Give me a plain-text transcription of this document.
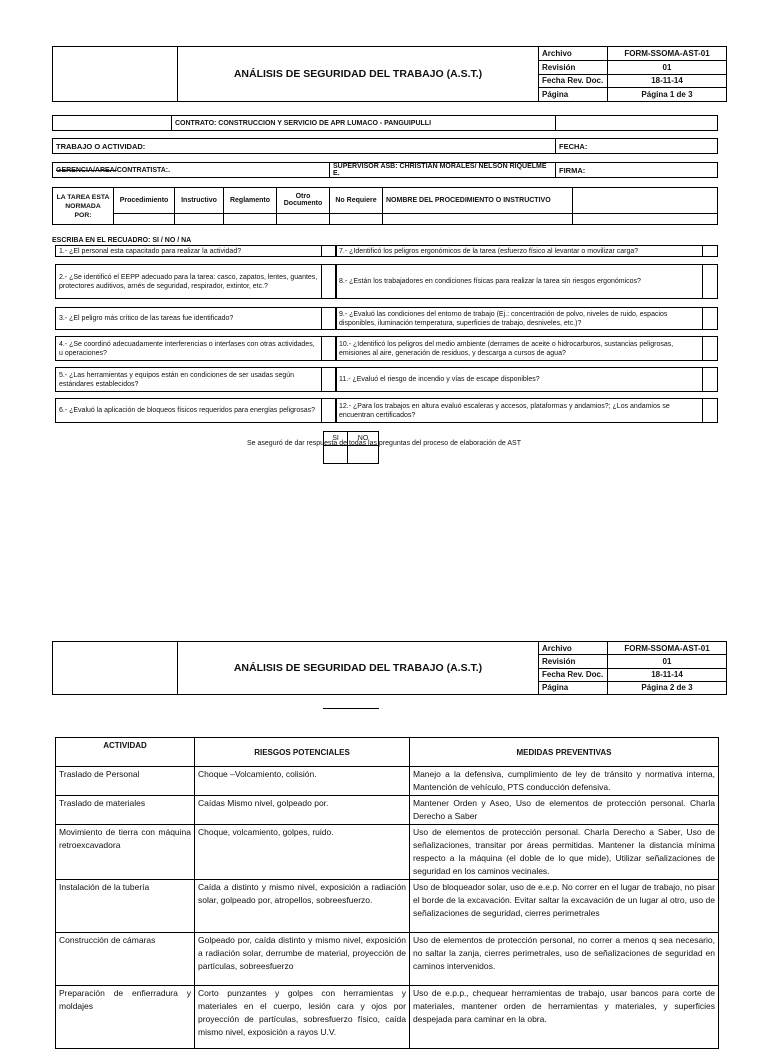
	ANÁLISIS DE SEGURIDAD DEL TRABAJO (A.S.T.)	Archivo	FORM-SSOMA-AST-01
		Revisión	01
		Fecha Rev. Doc.	18-11-14
		Página	Página 1 de 3
	CONTRATO: CONSTRUCCION Y SERVICIO DE APR LUMACO - PANGUIPULLI	
TRABAJO O ACTIVIDAD:	FECHA:
GERENCIA/AREA/CONTRATISTA:.	SUPERVISOR ASB: CHRISTIAN MORALES/ NELSON RIQUELME E.	FIRMA:
LA TAREA ESTA NORMADA POR:	Procedimiento	Instructivo	Reglamento	Otro Documento	No Requiere	NOMBRE DEL PROCEDIMIENTO O INSTRUCTIVO	

ESCRIBA EN EL RECUADRO: SI / NO / NA
1.- ¿El personal esta capacitado para realizar la actividad?	
2.- ¿Se identificó el EEPP adecuado para la tarea: casco, zapatos, lentes, guantes, protectores auditivos, arnés de seguridad, respirador, extintor, etc.?	
3.- ¿El peligro más crítico de las tareas fue identificado?	
4.- ¿Se coordinó adecuadamente interferencias o interfases con otras actividades, u operaciones?	
5.- ¿Las herramientas y equipos están en condiciones de ser usadas según estándares establecidos?	
6.- ¿Evaluó la aplicación de bloqueos físicos requeridos para energías peligrosas?	
7.- ¿Identificó los peligros ergonómicos de la tarea (esfuerzo físico al levantar o movilizar carga?	
8.- ¿Están los trabajadores en condiciones físicas para realizar la tarea sin riesgos ergonómicos?	
9.- ¿Evaluó las condiciones del entorno de trabajo (Ej.: concentración de polvo, niveles de ruido, espacios disponibles, iluminación temperatura, superficies de trabajo, desniveles, etc.)?	
10.- ¿Identificó los peligros del medio ambiente (derrames de aceite o hidrocarburos, sustancias peligrosas, emisiones al aire, generación de residuos, y descarga a cursos de agua?	
11.- ¿Evaluó el riesgo de incendio y vías de escape disponibles?	
12.- ¿Para los trabajos en altura evaluó escaleras y accesos, plataformas y andamios?; ¿Los andamios se encuentran certificados?	
Se aseguró de dar respuesta de todas las preguntas del proceso de elaboración de AST
SI	NO

	ANÁLISIS DE SEGURIDAD DEL TRABAJO (A.S.T.)	Archivo	FORM-SSOMA-AST-01
		Revisión	01
		Fecha Rev. Doc.	18-11-14
		Página	Página 2 de 3
ACTIVIDAD	RIESGOS POTENCIALES	MEDIDAS PREVENTIVAS
Traslado de Personal	Choque –Volcamiento, colisión.	Manejo a la defensiva, cumplimiento de ley de tránsito y normativa interna, Mantención de vehículo, PTS conducción defensiva.
Traslado de materiales	Caídas Mismo nivel, golpeado por.	Mantener Orden y Aseo, Uso de elementos de protección personal. Charla Derecho a Saber
Movimiento de tierra con máquina retroexcavadora	Choque, volcamiento, golpes, ruido.	Uso de elementos de protección personal. Charla Derecho a Saber, Uso de señalizaciones, transitar por áreas permitidas. Mantener la distancia mínima respecto a la máquina (el doble de lo que mide), Utilizar señalizaciones de seguridad en los caminos vecinales.
Instalación de la tubería	Caída a distinto y mismo nivel, exposición a radiación solar, golpeado por, atropellos, sobreesfuerzo.	Uso de bloqueador solar, uso de e.e.p. No correr en el lugar de trabajo, no pisar el borde de la excavación. Evitar saltar la excavación de un lugar al otro, uso de señalizaciones de seguridad, cierres perimetrales
Construcción de cámaras	Golpeado por, caída distinto y mismo nivel, exposición a radiación solar, derrumbe de material, proyección de partículas, sobreesfuerzo	Uso de elementos de protección personal, no correr a menos q sea necesario, no saltar la zanja, cierres perimetrales, uso de señalizaciones de seguridad en caminos intervenidos.
Preparación de enfierradura y moldajes	Corto punzantes y golpes con herramientas y materiales en el cuerpo, lesión cara y ojos por proyección de partículas, sobresfuerzo físico, caída mismo nivel, exposición a rayos U.V.	Uso de e.p.p., chequear herramientas de trabajo, usar bancos para corte de materiales, mantener orden de herramientas y materiales, y superficies despejada para caminar en la obra.
